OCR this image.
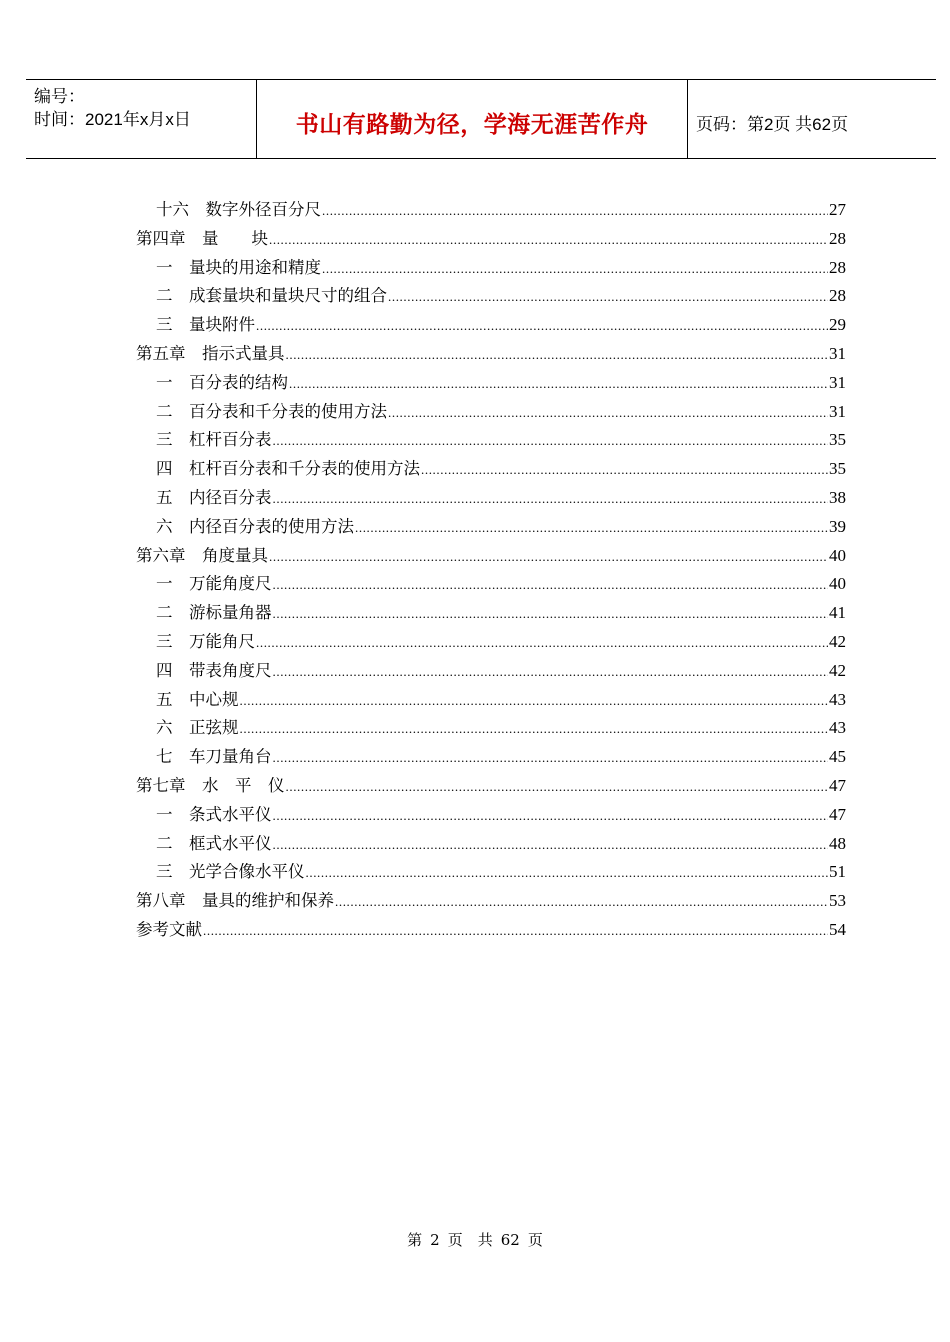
编号：
时间：2021年x月x日	书山有路勤为径，学海无涯苦作舟	页码：第2页 共62页
十六　数字外径百分尺 .....	27
第四章　量　　块 .....	28
一　量块的用途和精度 .....	28
二　成套量块和量块尺寸的组合 .....	28
三　量块附件 .....	29
第五章　指示式量具 .....	31
一　百分表的结构 .....	31
二　百分表和千分表的使用方法 .....	31
三　杠杆百分表 .....	35
四　杠杆百分表和千分表的使用方法 .....	35
五　内径百分表 .....	38
六　内径百分表的使用方法 .....	39
第六章　角度量具 .....	40
一　万能角度尺 .....	40
二　游标量角器 .....	41
三　万能角尺 .....	42
四　带表角度尺 .....	42
五　中心规 .....	43
六　正弦规 .....	43
七　车刀量角台 .....	45
第七章　水　平　仪 .....	47
一　条式水平仪 .....	47
二　框式水平仪 .....	48
三　光学合像水平仪 .....	51
第八章　量具的维护和保养 .....	53
参考文献 .....	54
第 2 页　共 62 页
